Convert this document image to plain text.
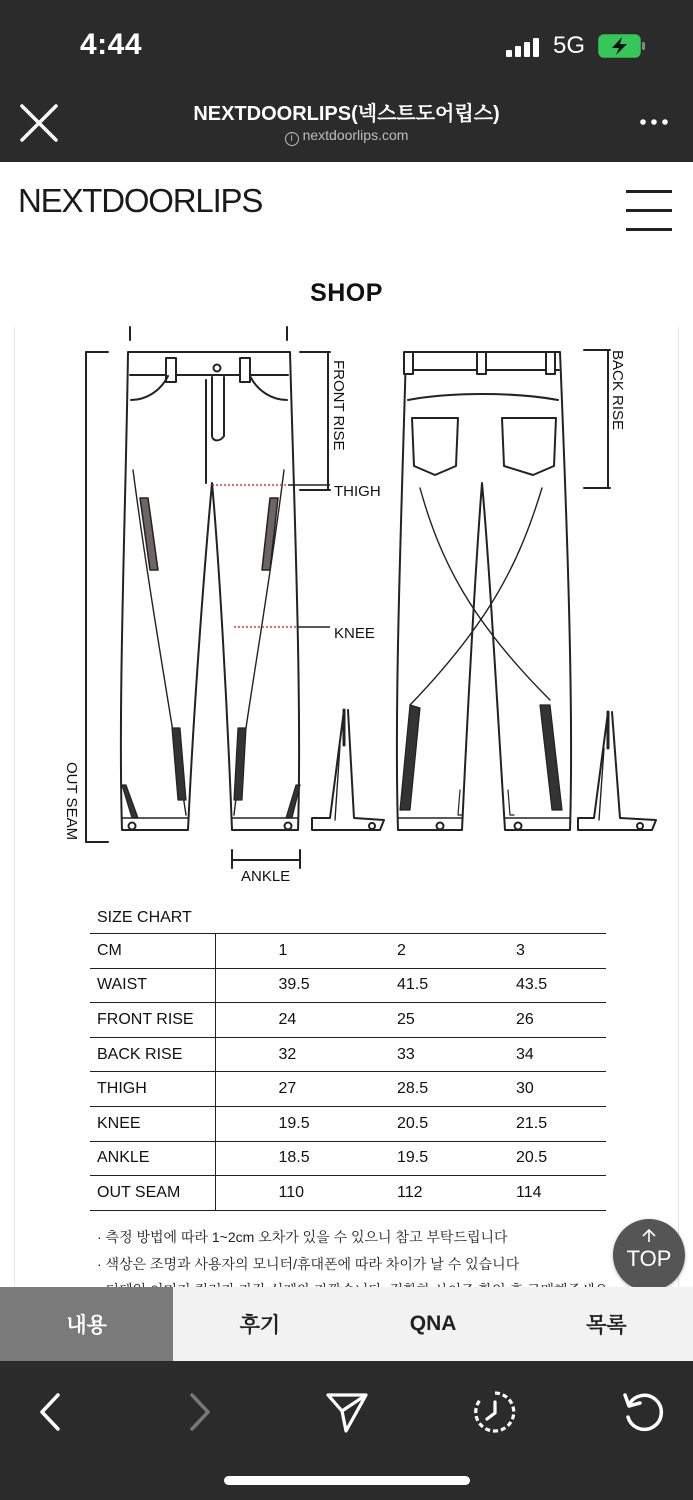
4:44	5G
NEXTDOORLIPS(넥스트도어립스)
i nextdoorlips.com
NEXTDOORLIPS
SHOP
THIGH
KNEE
ANKLE
FRONT RISE	BACK RISE
OUT SEAM
SIZE CHART
CM	1	2	3
WAIST	39.5	41.5	43.5
FRONT RISE	24	25	26
BACK RISE	32	33	34
THIGH	27	28.5	30
KNEE	19.5	20.5	21.5
ANKLE	18.5	19.5	20.5
OUT SEAM	110	112	114
· 측정 방법에 따라 1~2cm 오차가 있을 수 있으니 참고 부탁드립니다
· 색상은 조명과 사용자의 모니터/휴대폰에 따라 차이가 날 수 있습니다	TOP
내용	후기	QNA	목록
